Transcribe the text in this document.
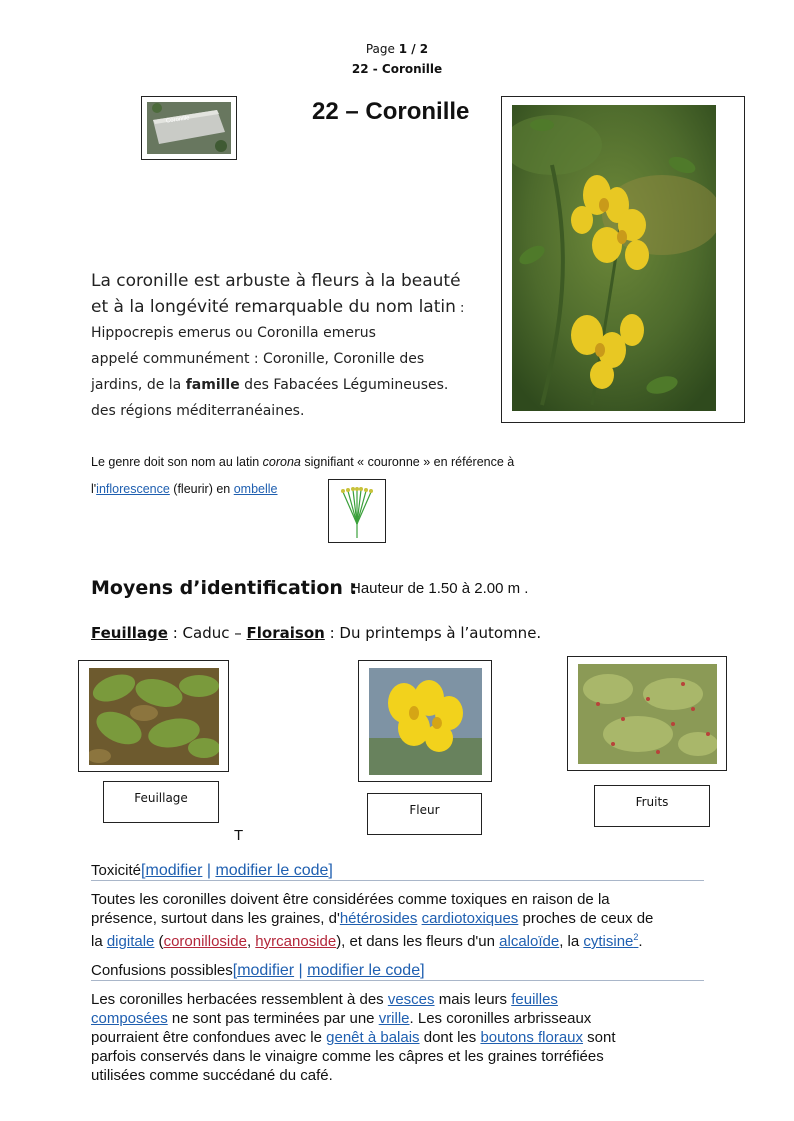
Page 1 / 2
22 - Coronille
Coronille	22 – Coronille
La coronille est arbuste à fleurs à la beauté
et à la longévité remarquable du nom latin :
Hippocrepis emerus ou Coronilla emerus
appelé communément : Coronille, Coronille des
jardins, de la famille des Fabacées Légumineuses.
des régions méditerranéaines.
Le genre doit son nom au latin corona signifiant « couronne » en référence à
l'inflorescence (fleurir) en ombelle
Moyens d’identification :
Hauteur de 1.50 à 2.00 m .
Feuillage : Caduc – Floraison : Du printemps à l’automne.
Feuillage
Fleur
Fruits
T
Toxicité[modifier | modifier le code]
Toutes les coronilles doivent être considérées comme toxiques en raison de la
présence, surtout dans les graines, d'hétérosides cardiotoxiques proches de ceux de
la digitale (coronilloside, hyrcanoside), et dans les fleurs d'un alcaloïde, la cytisine$^2$.
Confusions possibles[modifier | modifier le code]
Les coronilles herbacées ressemblent à des vesces mais leurs feuilles
composées ne sont pas terminées par une vrille. Les coronilles arbrisseaux
pourraient être confondues avec le genêt à balais dont les boutons floraux sont
parfois conservés dans le vinaigre comme les câpres et les graines torréfiées
utilisées comme succédané du café.
